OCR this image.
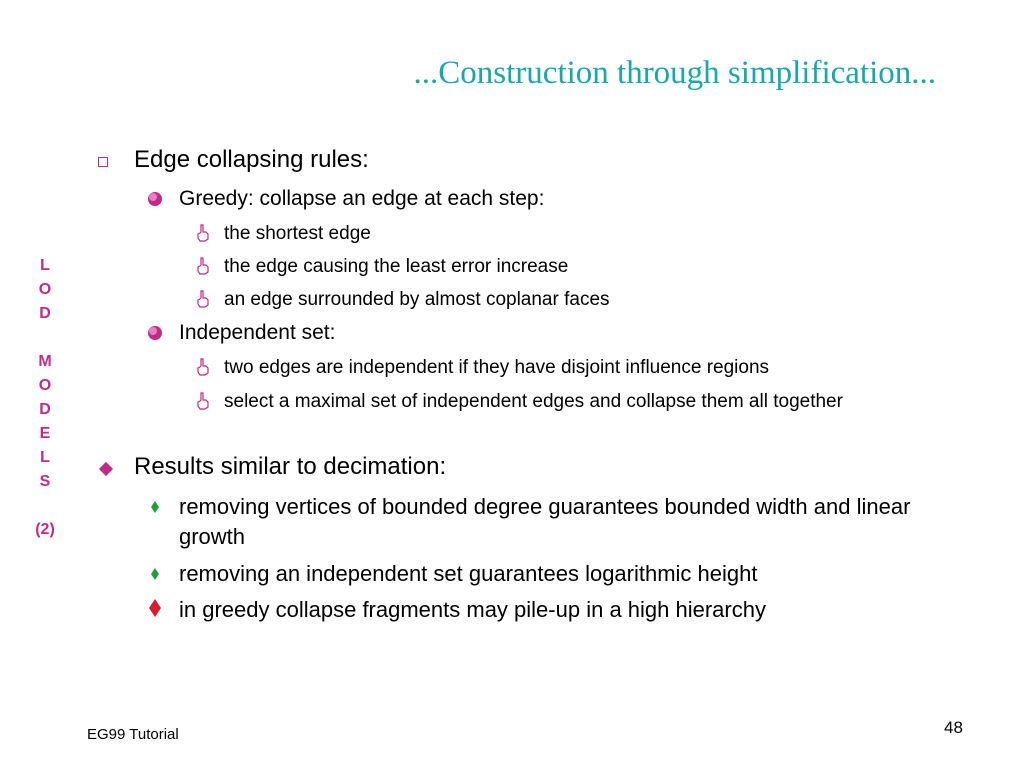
...Construction through simplification...
L
O
D
M
O
D
E
L
S
(2)
Edge collapsing rules:
Greedy: collapse an edge at each step:
the shortest edge
the edge causing the least error increase
an edge surrounded by almost coplanar faces
Independent set:
two edges are independent if they have disjoint influence regions
select a maximal set of independent edges and collapse them all together
Results similar to decimation:
removing vertices of bounded degree guarantees bounded width and linear growth
removing an independent set guarantees logarithmic height
in greedy collapse fragments may pile-up in a high hierarchy
EG99 Tutorial	48
